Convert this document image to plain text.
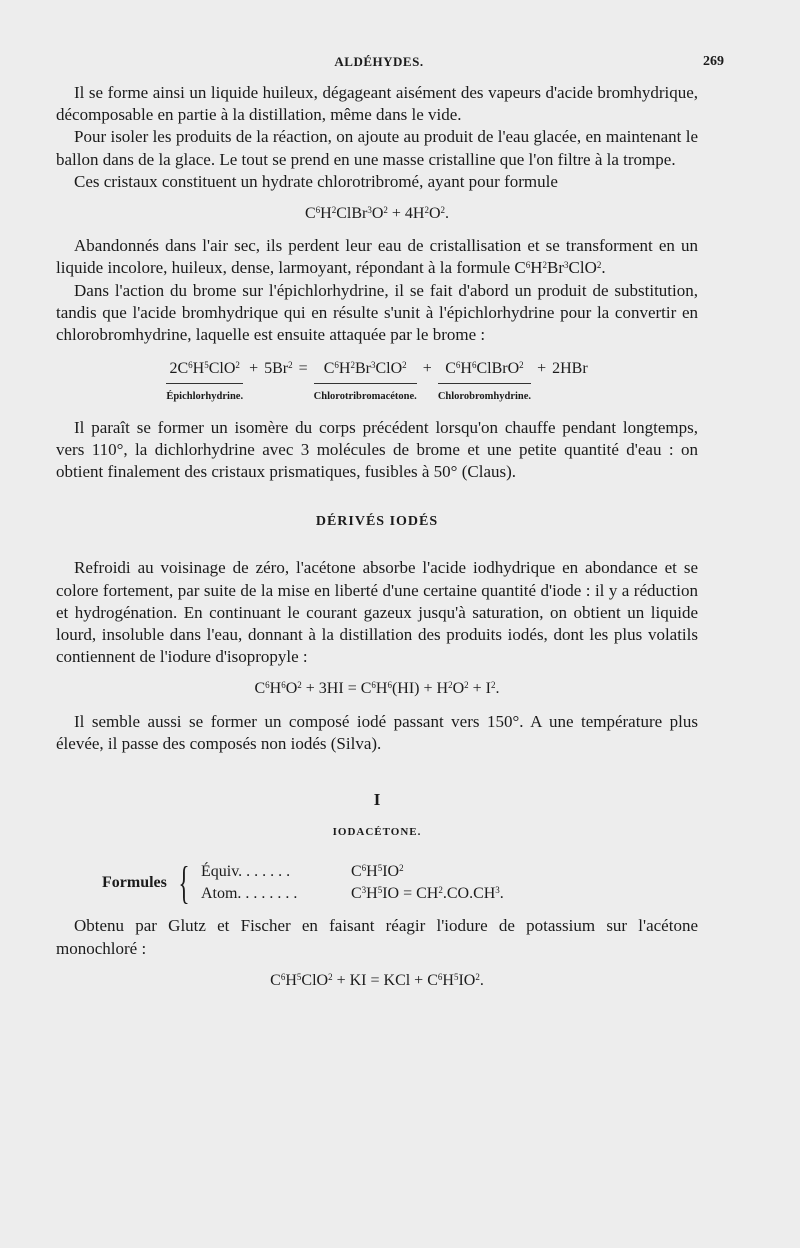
ALDÉHYDES.	269

Il se forme ainsi un liquide huileux, dégageant aisément des vapeurs d'acide bromhydrique, décomposable en partie à la distillation, même dans le vide.

Pour isoler les produits de la réaction, on ajoute au produit de l'eau glacée, en maintenant le ballon dans de la glace. Le tout se prend en une masse cristalline que l'on filtre à la trompe.

Ces cristaux constituent un hydrate chlorotribromé, ayant pour formule

$C^6H^2ClBr^3O^2 + 4H^2O^2$.

Abandonnés dans l'air sec, ils perdent leur eau de cristallisation et se transforment en un liquide incolore, huileux, dense, larmoyant, répondant à la formule $C^6H^2Br^3ClO^2$.

Dans l'action du brome sur l'épichlorhydrine, il se fait d'abord un produit de substitution, tandis que l'acide bromhydrique qui en résulte s'unit à l'épichlorhydrine pour la convertir en chlorobromhydrine, laquelle est ensuite attaquée par le brome :

$2C^6H^5ClO^2$
Épichlorhydrine.
+ $5Br^2$ =	$C^6H^2Br^3ClO^2$
Chlorotribromacétone.
+ $C^6H^6ClBrO^2$
Chlorobromhydrine.
+ 2HBr

Il paraît se former un isomère du corps précédent lorsqu'on chauffe pendant longtemps, vers 110°, la dichlorhydrine avec 3 molécules de brome et une petite quantité d'eau : on obtient finalement des cristaux prismatiques, fusibles à 50° (Claus).

DÉRIVÉS IODÉS

Refroidi au voisinage de zéro, l'acétone absorbe l'acide iodhydrique en abondance et se colore fortement, par suite de la mise en liberté d'une certaine quantité d'iode : il y a réduction et hydrogénation. En continuant le courant gazeux jusqu'à saturation, on obtient un liquide lourd, insoluble dans l'eau, donnant à la distillation des produits iodés, dont les plus volatils contiennent de l'iodure d'isopropyle :

$C^6H^6O^2 + 3HI = C^6H^6(HI) + H^2O^2 + I^2$.

Il semble aussi se former un composé iodé passant vers 150°. A une température plus élevée, il passe des composés non iodés (Silva).

I
IODACÉTONE.
Formules { Équiv. . . . . . .	$C^6H^5IO^2$
Atom. . . . . . . .	$C^3H^5IO = CH^2.CO.CH^3$.

Obtenu par Glutz et Fischer en faisant réagir l'iodure de potassium sur l'acétone monochloré :

$C^6H^5ClO^2$ + KI = KCl + $C^6H^5IO^2$.
